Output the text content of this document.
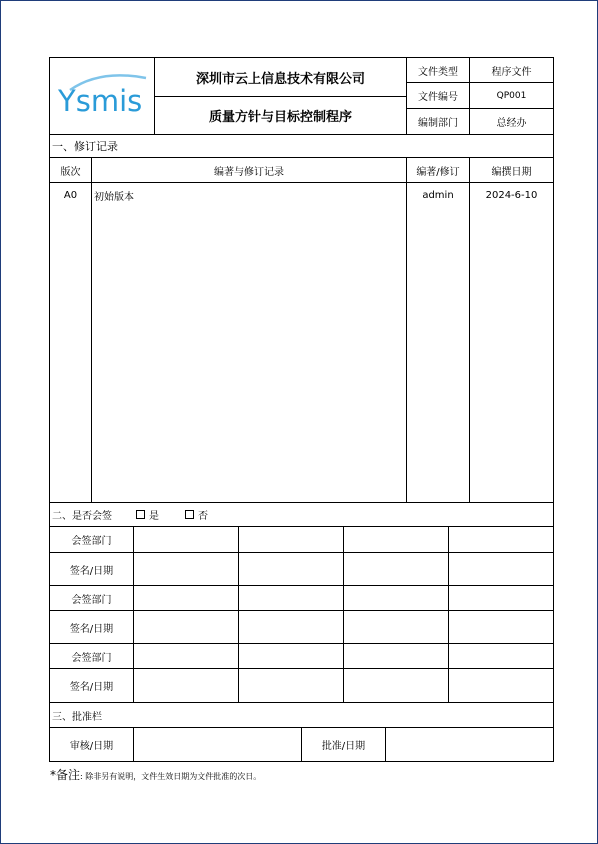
Ysmis
深圳市云上信息技术有限公司
质量方针与目标控制程序
文件类型	程序文件
文件编号	QP001
编制部门	总经办
一、修订记录
版次	编著与修订记录	编著/修订	编撰日期
A0	初始版本	admin	2024-6-10
二、是否会签	是	否
会签部门
签名/日期
会签部门
签名/日期
会签部门
签名/日期
三、批准栏
审核/日期	批准/日期
*备注: 除非另有说明，文件生效日期为文件批准的次日。
